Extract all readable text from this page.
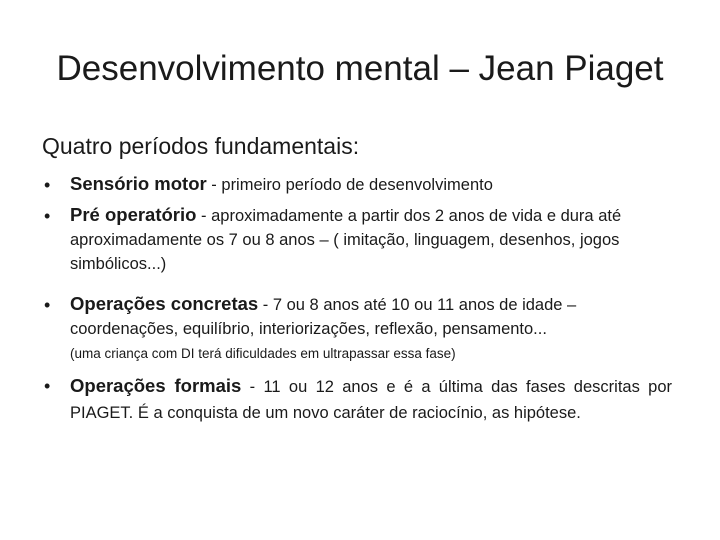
Desenvolvimento mental – Jean Piaget
Quatro períodos fundamentais:
• Sensório motor - primeiro período de desenvolvimento
• Pré operatório - aproximadamente a partir dos 2 anos de vida e dura até aproximadamente os 7 ou 8 anos – ( imitação, linguagem, desenhos, jogos simbólicos...)
• Operações concretas - 7 ou 8 anos até 10 ou 11 anos de idade – coordenações, equilíbrio, interiorizações, reflexão, pensamento...
(uma criança com DI terá dificuldades em ultrapassar essa fase)
• Operações formais - 11 ou 12 anos e é a última das fases descritas por PIAGET. É a conquista de um novo caráter de raciocínio, as hipótese.
